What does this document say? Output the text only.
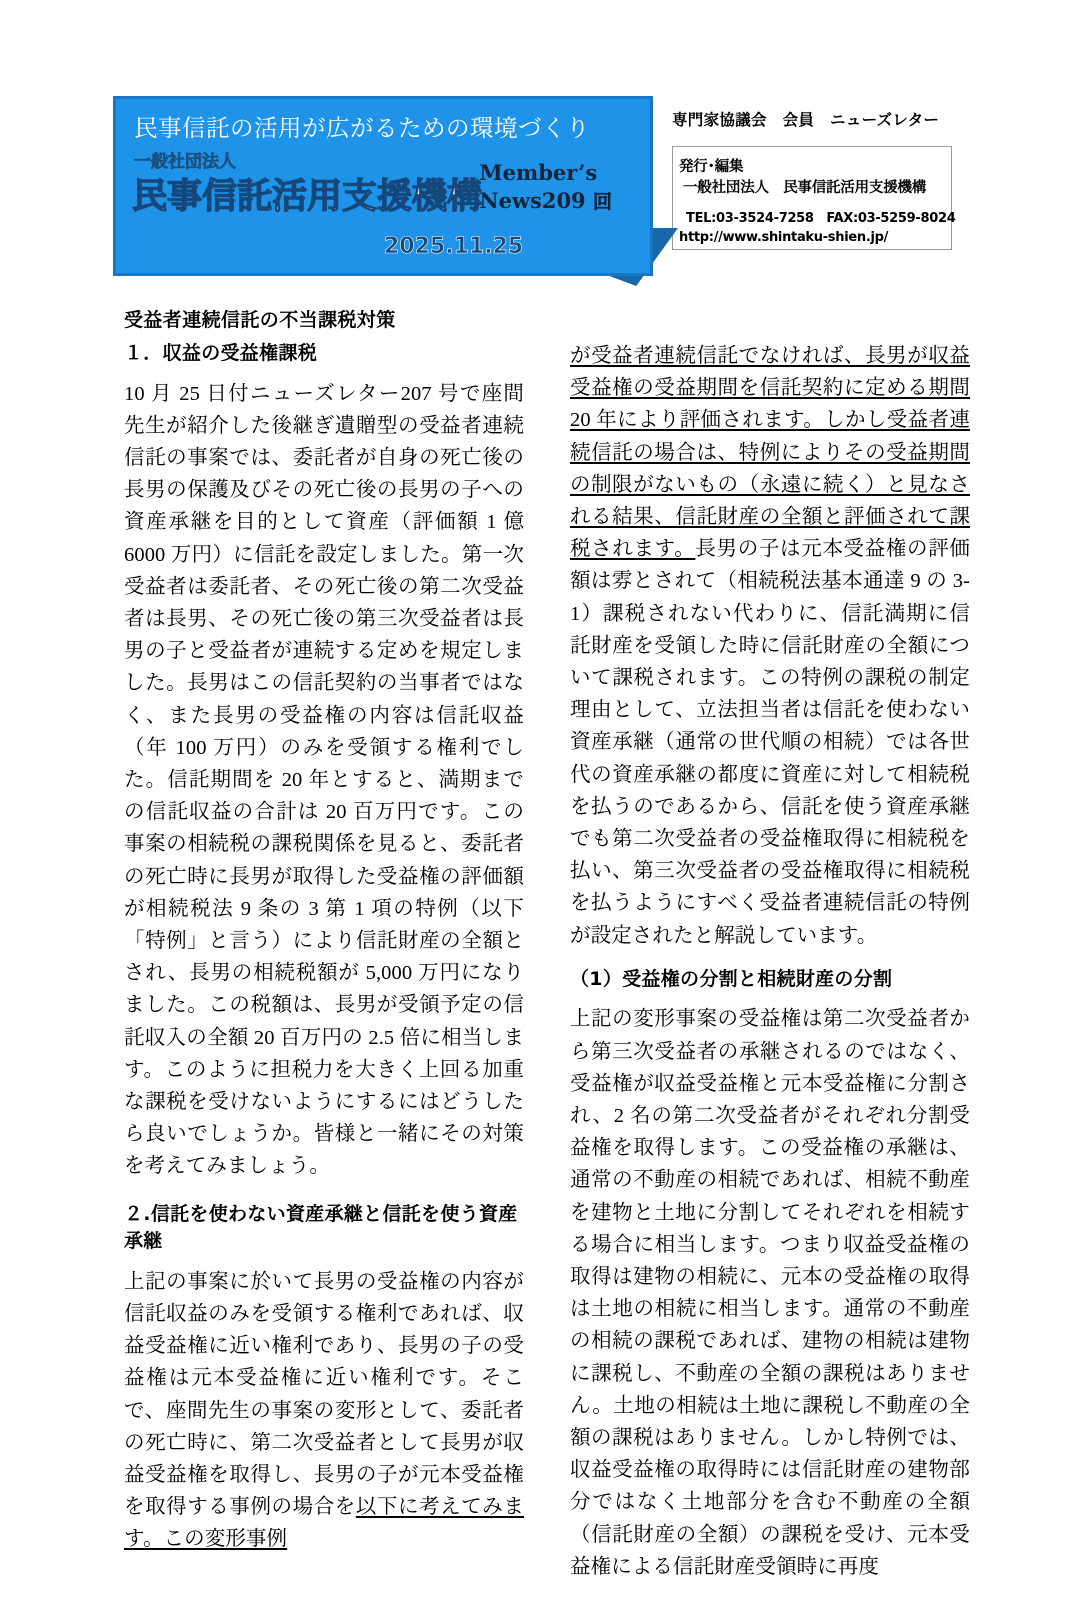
民事信託の活用が広がるための環境づくり
一般社団法人
民事信託活用支援機構
Member’s
News209 回
2025.11.25
専門家協議会　会員　ニューズレター
発行･編集
一般社団法人　民事信託活用支援機構
TEL:03-3524-7258　FAX:03-5259-8024
http://www.shintaku-shien.jp/
受益者連続信託の不当課税対策
１．収益の受益権課税

10 月 25 日付ニューズレター207 号で座間先生が紹介した後継ぎ遺贈型の受益者連続信託の事案では、委託者が自身の死亡後の長男の保護及びその死亡後の長男の子への資産承継を目的として資産（評価額 1 億 6000 万円）に信託を設定しました。第一次受益者は委託者、その死亡後の第二次受益者は長男、その死亡後の第三次受益者は長男の子と受益者が連続する定めを規定しました。長男はこの信託契約の当事者ではなく、また長男の受益権の内容は信託収益（年 100 万円）のみを受領する権利でした。信託期間を 20 年とすると、満期までの信託収益の合計は 20 百万円です。この事案の相続税の課税関係を見ると、委託者の死亡時に長男が取得した受益権の評価額が相続税法 9 条の 3 第 1 項の特例（以下「特例」と言う）により信託財産の全額とされ、長男の相続税額が 5,000 万円になりました。この税額は、長男が受領予定の信託収入の全額 20 百万円の 2.5 倍に相当します。このように担税力を大きく上回る加重な課税を受けないようにするにはどうしたら良いでしょうか。皆様と一緒にその対策を考えてみましょう。

２.信託を使わない資産承継と信託を使う資産承継

上記の事案に於いて長男の受益権の内容が信託収益のみを受領する権利であれば、収益受益権に近い権利であり、長男の子の受益権は元本受益権に近い権利です。そこで、座間先生の事案の変形として、委託者の死亡時に、第二次受益者として長男が収益受益権を取得し、長男の子が元本受益権を取得する事例の場合を以下に考えてみます。この変形事例

が受益者連続信託でなければ、長男が収益受益権の受益期間を信託契約に定める期間 20 年により評価されます。しかし受益者連続信託の場合は、特例によりその受益期間の制限がないもの（永遠に続く）と見なされる結果、信託財産の全額と評価されて課税されます。長男の子は元本受益権の評価額は雰とされて（相続税法基本通達 9 の 3-1）課税されない代わりに、信託満期に信託財産を受領した時に信託財産の全額について課税されます。この特例の課税の制定理由として、立法担当者は信託を使わない資産承継（通常の世代順の相続）では各世代の資産承継の都度に資産に対して相続税を払うのであるから、信託を使う資産承継でも第二次受益者の受益権取得に相続税を払い、第三次受益者の受益権取得に相続税を払うようにすべく受益者連続信託の特例が設定されたと解説しています。

（1）受益権の分割と相続財産の分割

上記の変形事案の受益権は第二次受益者から第三次受益者の承継されるのではなく、受益権が収益受益権と元本受益権に分割され、2 名の第二次受益者がそれぞれ分割受益権を取得します。この受益権の承継は、通常の不動産の相続であれば、相続不動産を建物と土地に分割してそれぞれを相続する場合に相当します。つまり収益受益権の取得は建物の相続に、元本の受益権の取得は土地の相続に相当します。通常の不動産の相続の課税であれば、建物の相続は建物に課税し、不動産の全額の課税はありません。土地の相続は土地に課税し不動産の全額の課税はありません。しかし特例では、収益受益権の取得時には信託財産の建物部分ではなく土地部分を含む不動産の全額（信託財産の全額）の課税を受け、元本受益権による信託財産受領時に再度
